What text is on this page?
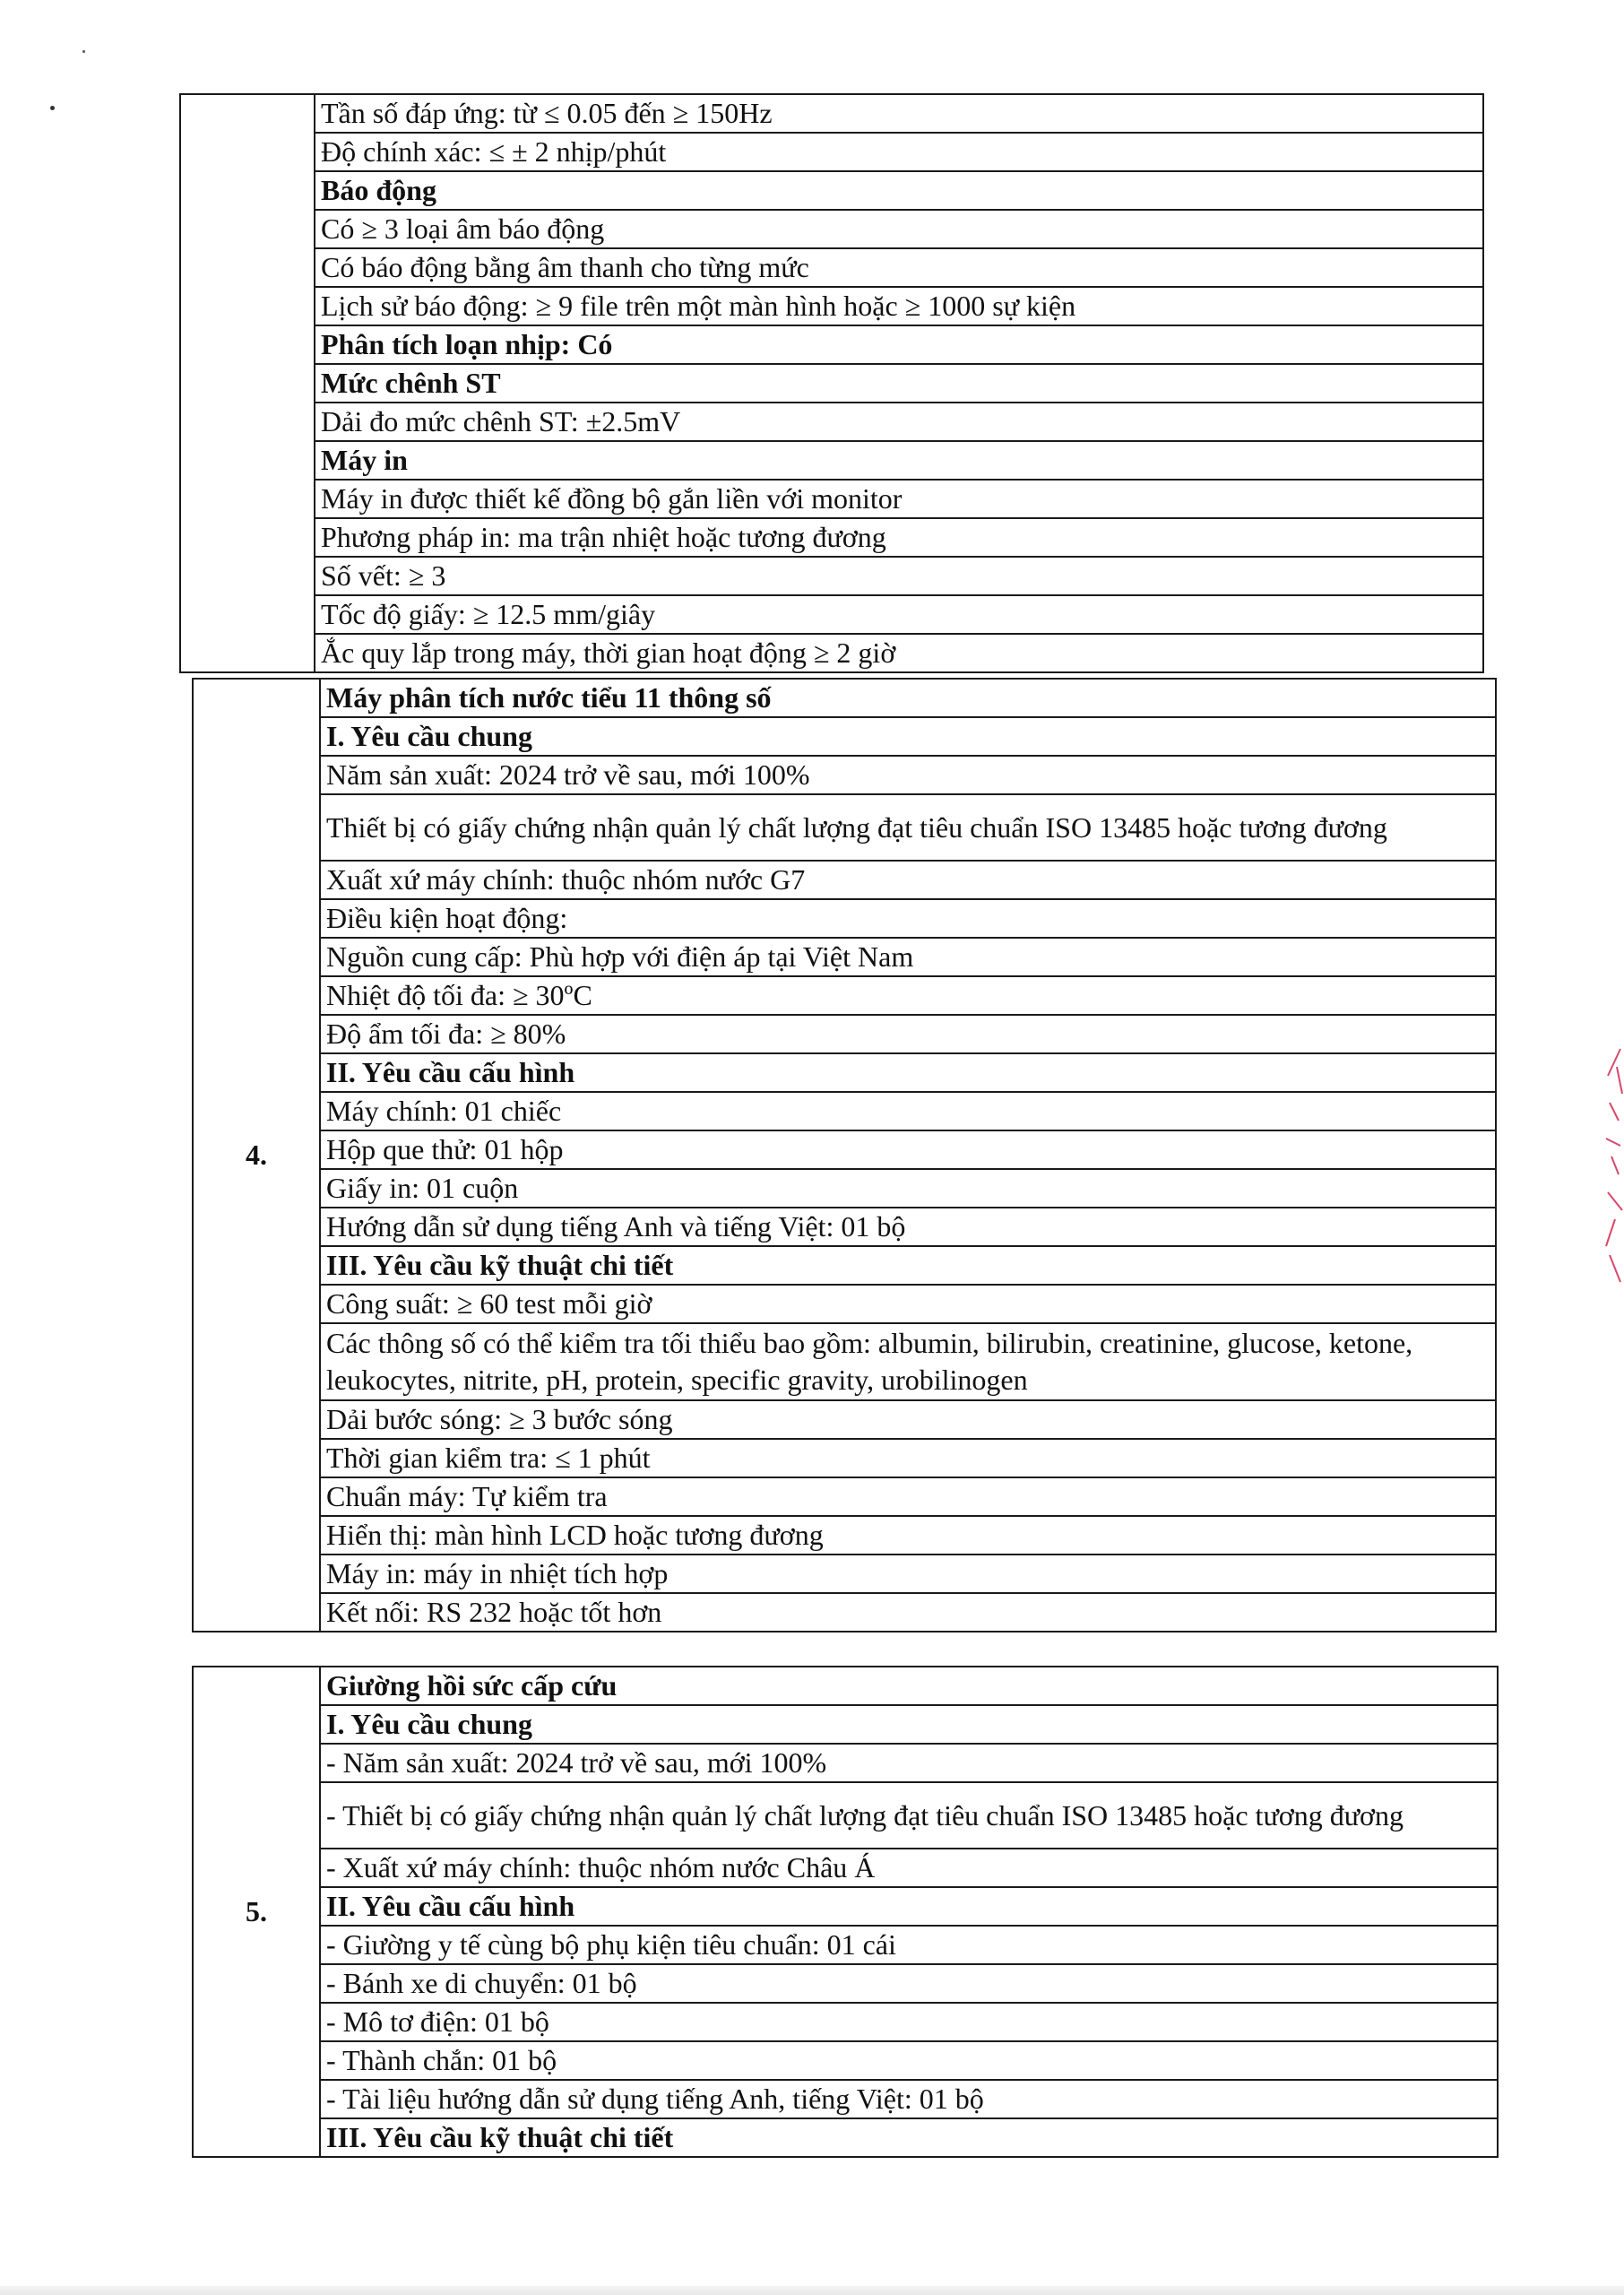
	Tần số đáp ứng: từ ≤ 0.05 đến ≥ 150Hz
Độ chính xác: ≤ ± 2 nhịp/phút
Báo động
Có ≥ 3 loại âm báo động
Có báo động bằng âm thanh cho từng mức
Lịch sử báo động: ≥ 9 file trên một màn hình hoặc ≥ 1000 sự kiện
Phân tích loạn nhịp: Có
Mức chênh ST
Dải đo mức chênh ST: ±2.5mV
Máy in
Máy in được thiết kế đồng bộ gắn liền với monitor
Phương pháp in: ma trận nhiệt hoặc tương đương
Số vết: ≥ 3
Tốc độ giấy: ≥ 12.5 mm/giây
Ắc quy lắp trong máy, thời gian hoạt động ≥ 2 giờ
4.	Máy phân tích nước tiểu 11 thông số
I. Yêu cầu chung
Năm sản xuất: 2024 trở về sau, mới 100%
Thiết bị có giấy chứng nhận quản lý chất lượng đạt tiêu chuẩn ISO 13485 hoặc tương đương
Xuất xứ máy chính: thuộc nhóm nước G7
Điều kiện hoạt động:
Nguồn cung cấp: Phù hợp với điện áp tại Việt Nam
Nhiệt độ tối đa: ≥ 30ºC
Độ ẩm tối đa: ≥ 80%
II. Yêu cầu cấu hình
Máy chính: 01 chiếc
Hộp que thử: 01 hộp
Giấy in: 01 cuộn
Hướng dẫn sử dụng tiếng Anh và tiếng Việt: 01 bộ
III. Yêu cầu kỹ thuật chi tiết
Công suất: ≥ 60 test mỗi giờ
Các thông số có thể kiểm tra tối thiểu bao gồm: albumin, bilirubin, creatinine, glucose, ketone, leukocytes, nitrite, pH, protein, specific gravity, urobilinogen
Dải bước sóng: ≥ 3 bước sóng
Thời gian kiểm tra: ≤ 1 phút
Chuẩn máy: Tự kiểm tra
Hiển thị: màn hình LCD hoặc tương đương
Máy in: máy in nhiệt tích hợp
Kết nối: RS 232 hoặc tốt hơn
5.	Giường hồi sức cấp cứu
I. Yêu cầu chung
- Năm sản xuất: 2024 trở về sau, mới 100%
- Thiết bị có giấy chứng nhận quản lý chất lượng đạt tiêu chuẩn ISO 13485 hoặc tương đương
- Xuất xứ máy chính: thuộc nhóm nước Châu Á
II. Yêu cầu cấu hình
- Giường y tế cùng bộ phụ kiện tiêu chuẩn: 01 cái
- Bánh xe di chuyển: 01 bộ
- Mô tơ điện: 01 bộ
- Thành chắn: 01 bộ
- Tài liệu hướng dẫn sử dụng tiếng Anh, tiếng Việt: 01 bộ
III. Yêu cầu kỹ thuật chi tiết
